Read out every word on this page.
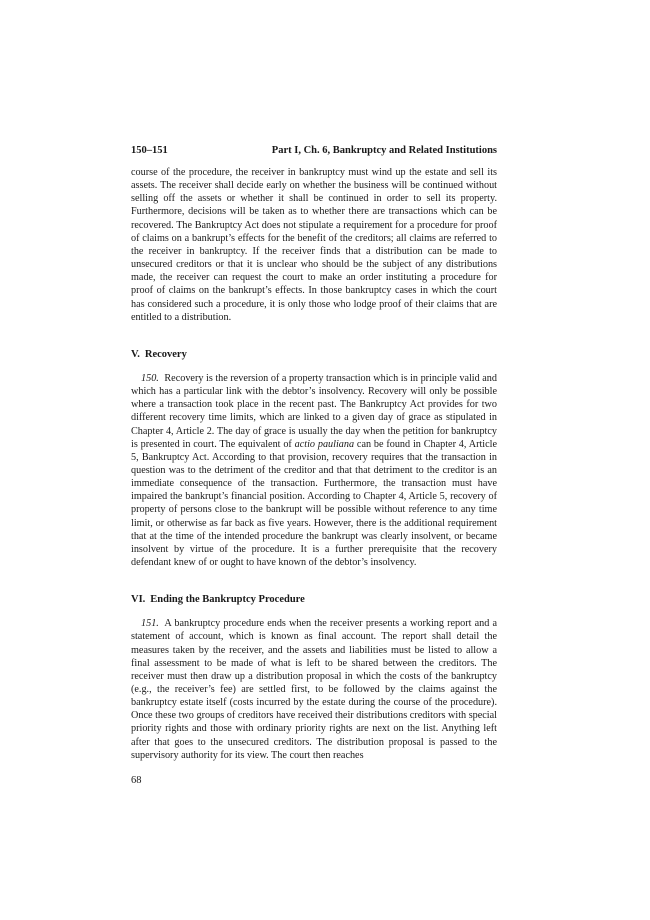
150–151	Part I, Ch. 6, Bankruptcy and Related Institutions

course of the procedure, the receiver in bankruptcy must wind up the estate and sell its assets. The receiver shall decide early on whether the business will be continued without selling off the assets or whether it shall be continued in order to sell its property. Furthermore, decisions will be taken as to whether there are transactions which can be recovered. The Bankruptcy Act does not stipulate a requirement for a procedure for proof of claims on a bankrupt’s effects for the benefit of the creditors; all claims are referred to the receiver in bankruptcy. If the receiver finds that a distribution can be made to unsecured creditors or that it is unclear who should be the subject of any distributions made, the receiver can request the court to make an order instituting a procedure for proof of claims on the bankrupt’s effects. In those bankruptcy cases in which the court has considered such a procedure, it is only those who lodge proof of their claims that are entitled to a distribution.

V. Recovery

150. Recovery is the reversion of a property transaction which is in principle valid and which has a particular link with the debtor’s insolvency. Recovery will only be possible where a transaction took place in the recent past. The Bankruptcy Act provides for two different recovery time limits, which are linked to a given day of grace as stipulated in Chapter 4, Article 2. The day of grace is usually the day when the petition for bankruptcy is presented in court. The equivalent of actio pauliana can be found in Chapter 4, Article 5, Bankruptcy Act. According to that provision, recovery requires that the transaction in question was to the detriment of the creditor and that that detriment to the creditor is an immediate consequence of the transaction. Furthermore, the transaction must have impaired the bankrupt’s financial position. According to Chapter 4, Article 5, recovery of property of persons close to the bankrupt will be possible without reference to any time limit, or otherwise as far back as five years. However, there is the additional requirement that at the time of the intended procedure the bankrupt was clearly insolvent, or became insolvent by virtue of the procedure. It is a further prerequisite that the recovery defendant knew of or ought to have known of the debtor’s insolvency.

VI. Ending the Bankruptcy Procedure

151. A bankruptcy procedure ends when the receiver presents a working report and a statement of account, which is known as final account. The report shall detail the measures taken by the receiver, and the assets and liabilities must be listed to allow a final assessment to be made of what is left to be shared between the creditors. The receiver must then draw up a distribution proposal in which the costs of the bankruptcy (e.g., the receiver’s fee) are settled first, to be followed by the claims against the bankruptcy estate itself (costs incurred by the estate during the course of the procedure). Once these two groups of creditors have received their distributions creditors with special priority rights and those with ordinary priority rights are next on the list. Anything left after that goes to the unsecured creditors. The distribution proposal is passed to the supervisory authority for its view. The court then reaches

68
